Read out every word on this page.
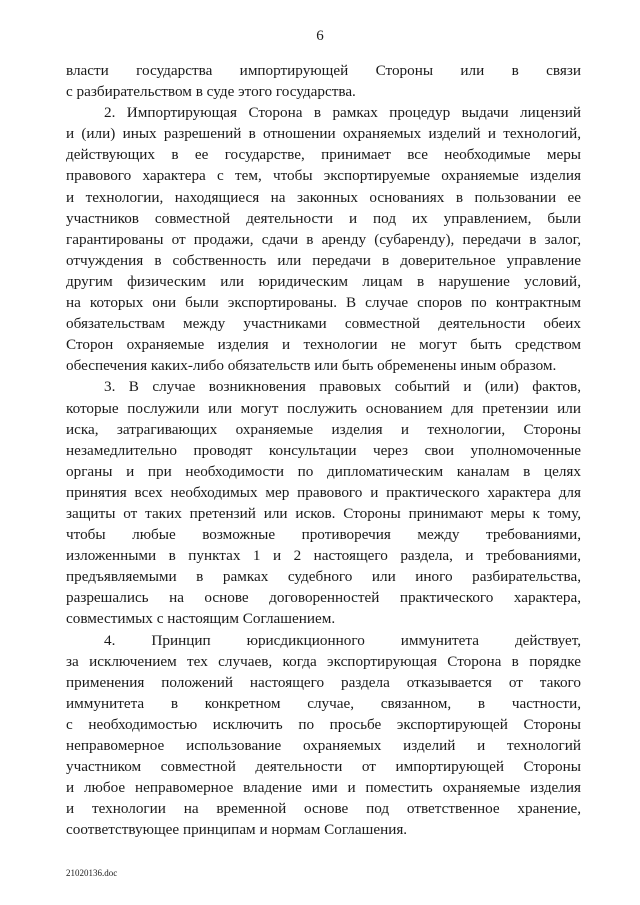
6
власти государства импортирующей Стороны или в связи
с разбирательством в суде этого государства.
2. Импортирующая Сторона в рамках процедур выдачи лицензий
и (или) иных разрешений в отношении охраняемых изделий и технологий,
действующих в ее государстве, принимает все необходимые меры
правового характера с тем, чтобы экспортируемые охраняемые изделия
и технологии, находящиеся на законных основаниях в пользовании ее
участников совместной деятельности и под их управлением, были
гарантированы от продажи, сдачи в аренду (субаренду), передачи в залог,
отчуждения в собственность или передачи в доверительное управление
другим физическим или юридическим лицам в нарушение условий,
на которых они были экспортированы. В случае споров по контрактным
обязательствам между участниками совместной деятельности обеих
Сторон охраняемые изделия и технологии не могут быть средством
обеспечения каких-либо обязательств или быть обременены иным образом.
3. В случае возникновения правовых событий и (или) фактов,
которые послужили или могут послужить основанием для претензии или
иска, затрагивающих охраняемые изделия и технологии, Стороны
незамедлительно проводят консультации через свои уполномоченные
органы и при необходимости по дипломатическим каналам в целях
принятия всех необходимых мер правового и практического характера для
защиты от таких претензий или исков. Стороны принимают меры к тому,
чтобы любые возможные противоречия между требованиями,
изложенными в пунктах 1 и 2 настоящего раздела, и требованиями,
предъявляемыми в рамках судебного или иного разбирательства,
разрешались на основе договоренностей практического характера,
совместимых с настоящим Соглашением.
4. Принцип юрисдикционного иммунитета действует,
за исключением тех случаев, когда экспортирующая Сторона в порядке
применения положений настоящего раздела отказывается от такого
иммунитета в конкретном случае, связанном, в частности,
с необходимостью исключить по просьбе экспортирующей Стороны
неправомерное использование охраняемых изделий и технологий
участником совместной деятельности от импортирующей Стороны
и любое неправомерное владение ими и поместить охраняемые изделия
и технологии на временной основе под ответственное хранение,
соответствующее принципам и нормам Соглашения.
21020136.doc
